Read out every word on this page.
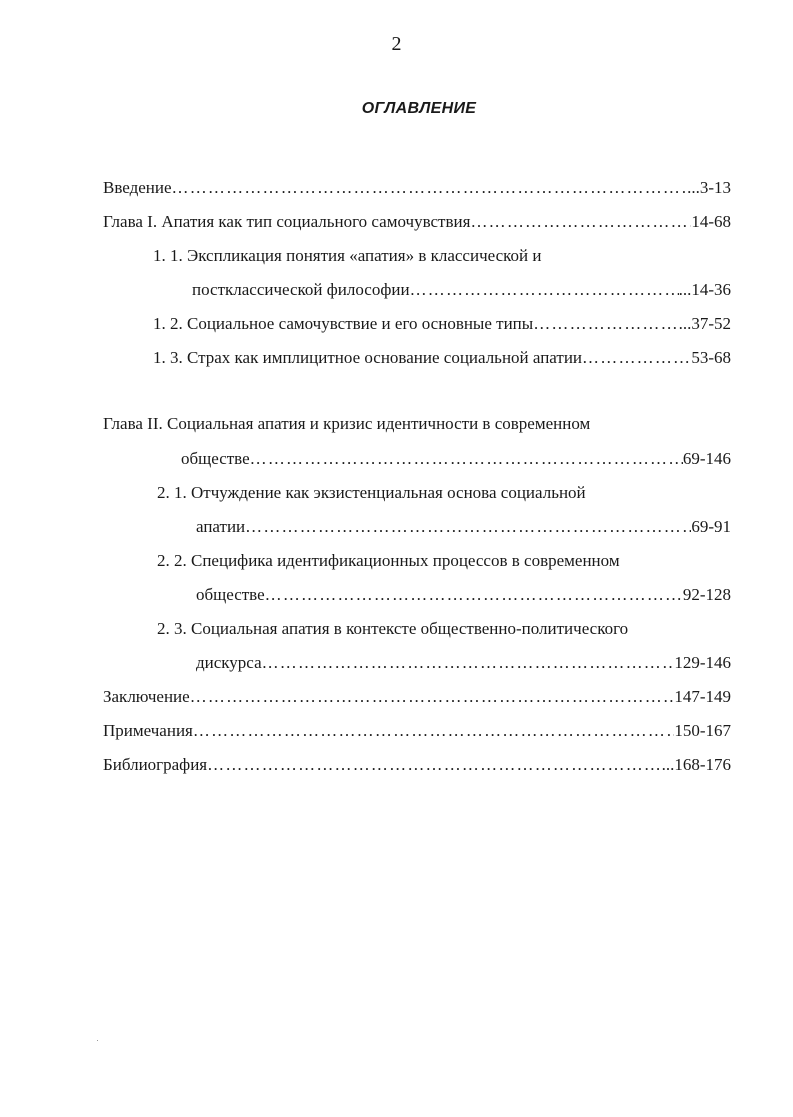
2
ОГЛАВЛЕНИЕ
Введение ……………………………………………………………………………………………………………………………………………………………………	...3-13
Глава I. Апатия как тип социального самочувствия ……………………………………………………………………………………………………………………………………………………………………	14-68
1. 1. Экспликация понятия «апатия» в классической и
постклассической философии ……………………………………………………………………………………………………………………………………………………………………	...14-36
1. 2. Социальное самочувствие и его основные типы ……………………………………………………………………………………………………………………………………………………………………	...37-52
1. 3. Страх как имплицитное основание социальной апатии ……………………………………………………………………………………………………………………………………………………………………	53-68
Глава II. Социальная апатия и кризис идентичности в современном
обществе ……………………………………………………………………………………………………………………………………………………………………	69-146
2. 1. Отчуждение как экзистенциальная основа социальной
апатии ……………………………………………………………………………………………………………………………………………………………………	69-91
2. 2. Специфика идентификационных процессов в современном
обществе ……………………………………………………………………………………………………………………………………………………………………	92-128
2. 3. Социальная апатия в контексте общественно-политического
дискурса ……………………………………………………………………………………………………………………………………………………………………	129-146
Заключение ……………………………………………………………………………………………………………………………………………………………………	147-149
Примечания ……………………………………………………………………………………………………………………………………………………………………	150-167
Библиография ……………………………………………………………………………………………………………………………………………………………………	...168-176
